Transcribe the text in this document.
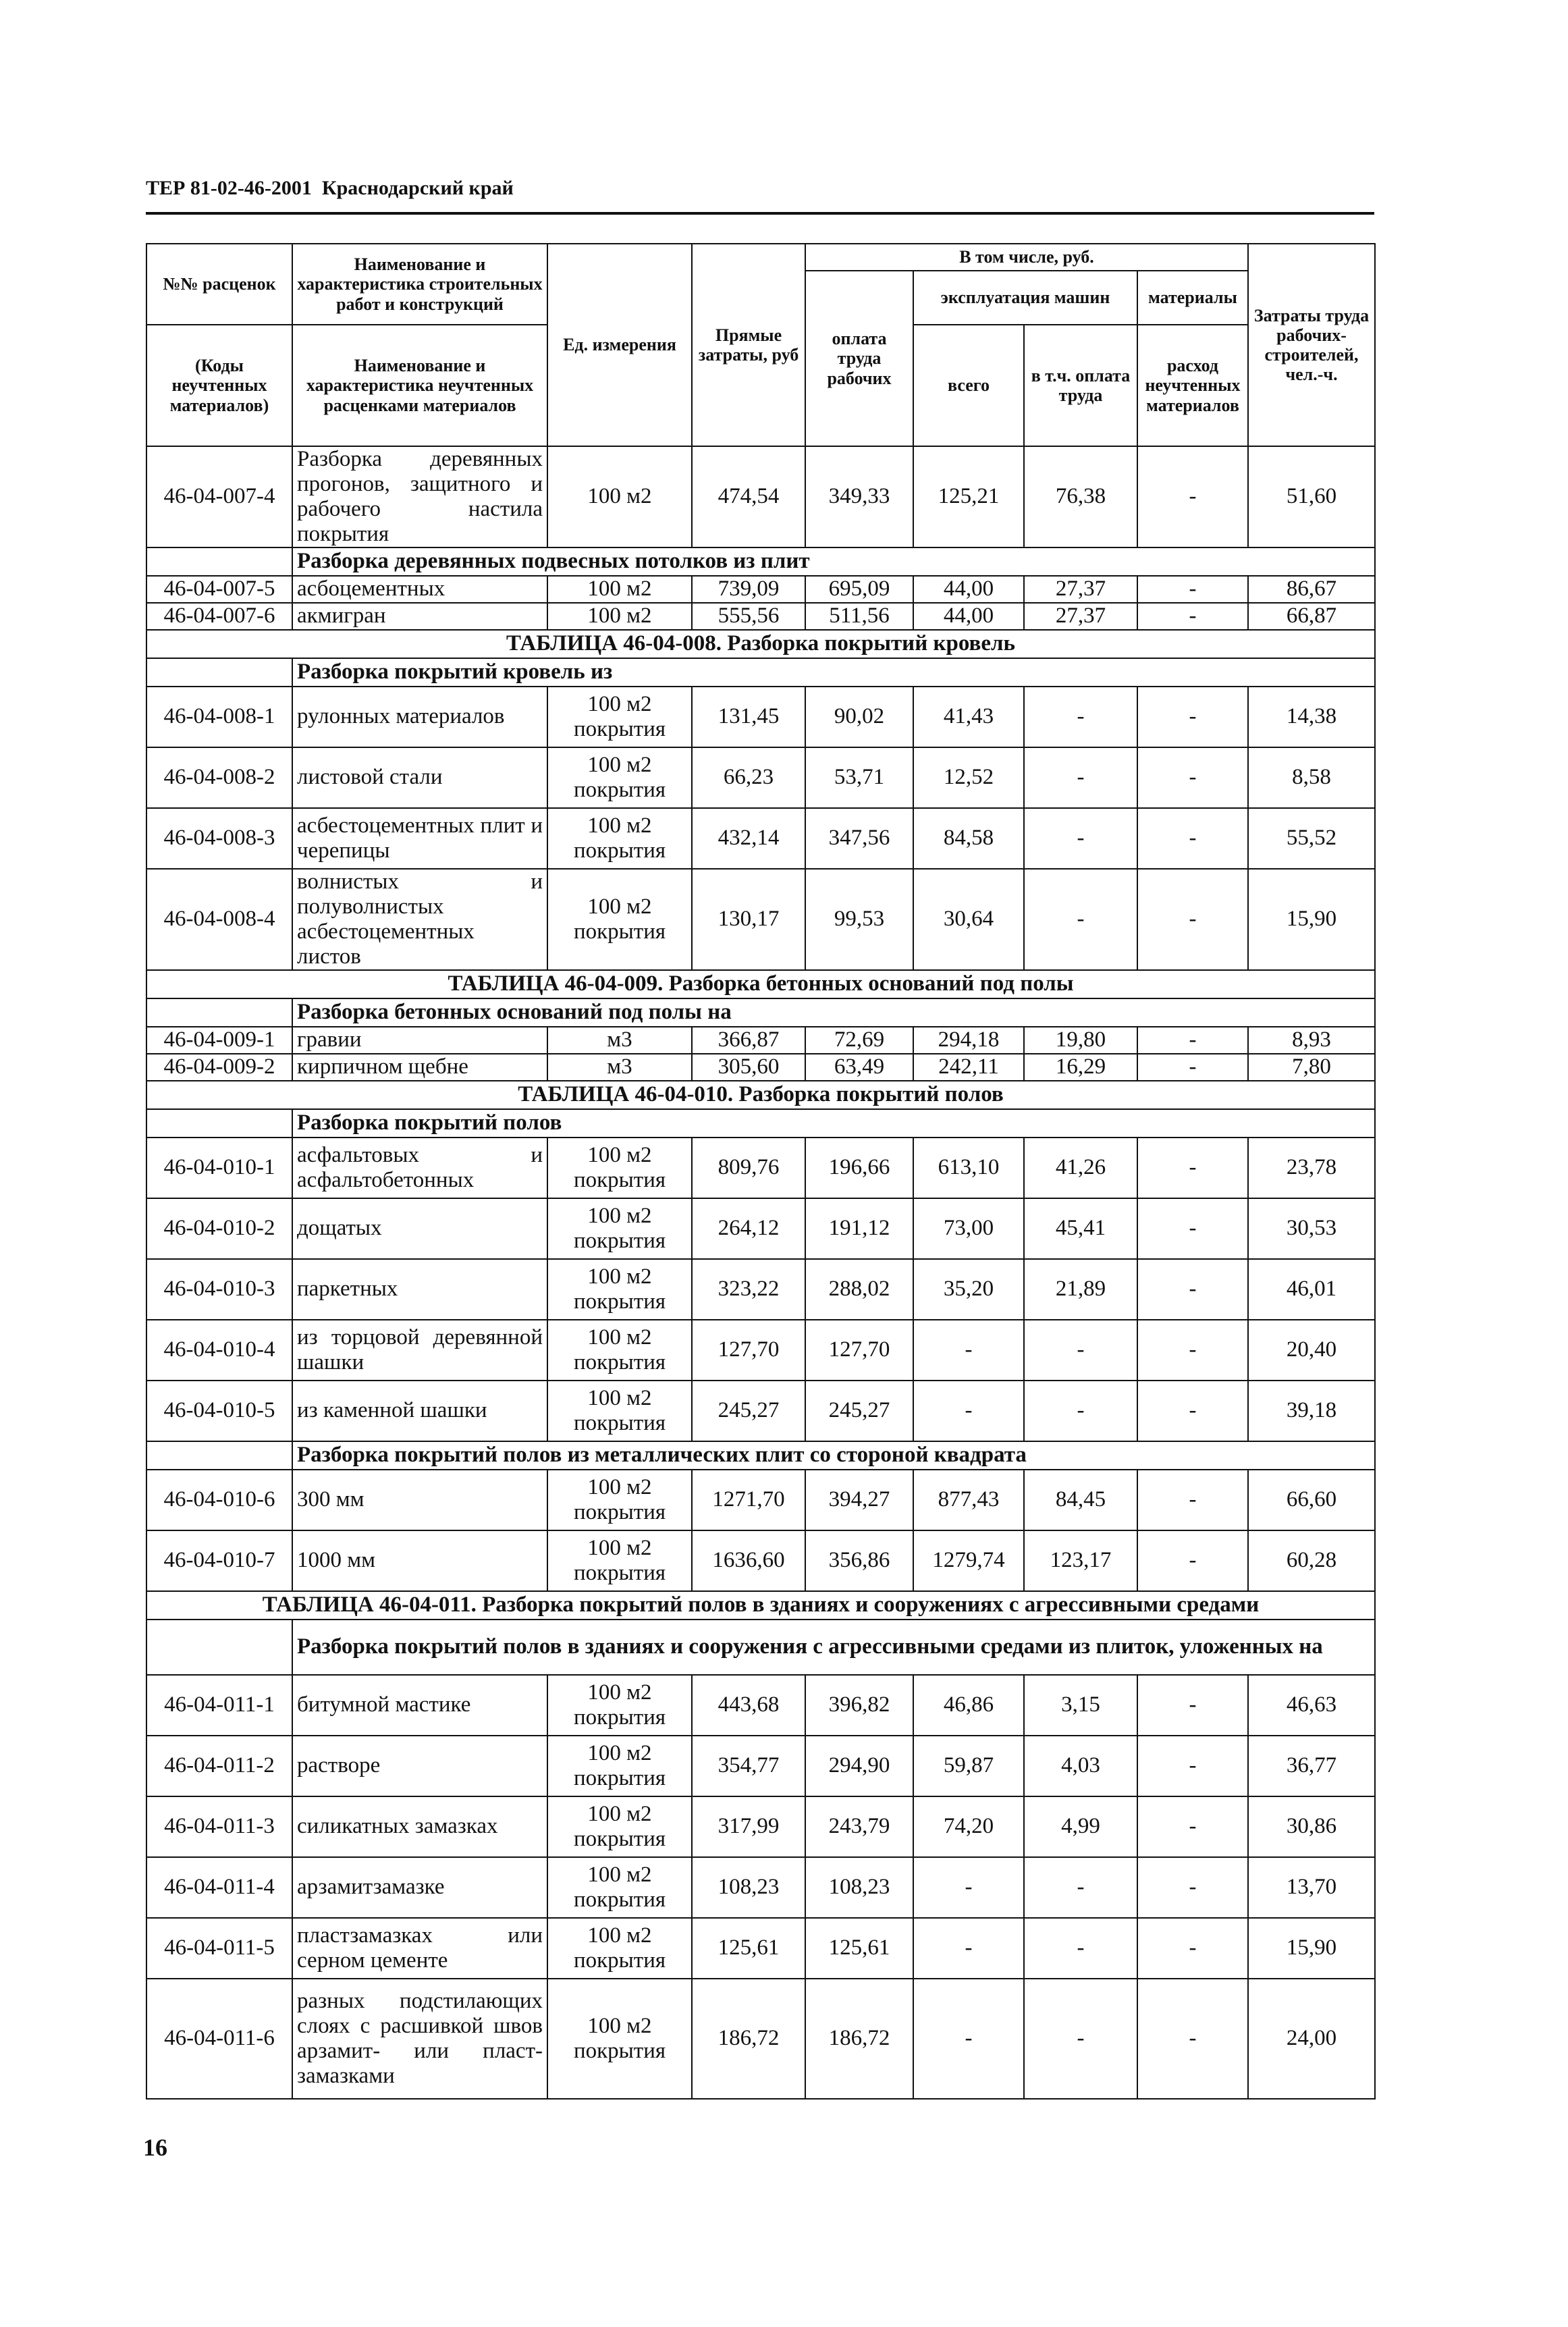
ТЕР 81-02-46-2001 Краснодарский край
№№ расценок	Наименование и характеристика строительных работ и конструкций	Ед. измерения	Прямые затраты, руб	В том числе, руб.				Затраты труда рабочих-строителей, чел.-ч.
				оплата труда рабочих	эксплуатация машин		материалы	
(Коды неучтенных материалов)	Наименование и характеристика неучтенных расценками материалов				всего	в т.ч. оплата труда	расход неучтенных материалов	

46-04-007-4	Разборка деревянных прогонов, защитного и рабочего настила покрытия	100 м2	474,54	349,33	125,21	76,38	-	51,60
	Разборка деревянных подвесных потолков из плит							
46-04-007-5	асбоцементных	100 м2	739,09	695,09	44,00	27,37	-	86,67
46-04-007-6	акмигран	100 м2	555,56	511,56	44,00	27,37	-	66,87
ТАБЛИЦА 46-04-008. Разборка покрытий кровель								
	Разборка покрытий кровель из							
46-04-008-1	рулонных материалов	100 м2 покрытия	131,45	90,02	41,43	-	-	14,38
46-04-008-2	листовой стали	100 м2 покрытия	66,23	53,71	12,52	-	-	8,58
46-04-008-3	асбестоцементных плит и черепицы	100 м2 покрытия	432,14	347,56	84,58	-	-	55,52
46-04-008-4	волнистых и полуволнистых асбестоцементных листов	100 м2 покрытия	130,17	99,53	30,64	-	-	15,90
ТАБЛИЦА 46-04-009. Разборка бетонных оснований под полы								
	Разборка бетонных оснований под полы на							
46-04-009-1	гравии	м3	366,87	72,69	294,18	19,80	-	8,93
46-04-009-2	кирпичном щебне	м3	305,60	63,49	242,11	16,29	-	7,80
ТАБЛИЦА 46-04-010. Разборка покрытий полов								
	Разборка покрытий полов							
46-04-010-1	асфальтовых и асфальтобетонных	100 м2 покрытия	809,76	196,66	613,10	41,26	-	23,78
46-04-010-2	дощатых	100 м2 покрытия	264,12	191,12	73,00	45,41	-	30,53
46-04-010-3	паркетных	100 м2 покрытия	323,22	288,02	35,20	21,89	-	46,01
46-04-010-4	из торцовой деревянной шашки	100 м2 покрытия	127,70	127,70	-	-	-	20,40
46-04-010-5	из каменной шашки	100 м2 покрытия	245,27	245,27	-	-	-	39,18
	Разборка покрытий полов из металлических плит со стороной квадрата							
46-04-010-6	300 мм	100 м2 покрытия	1271,70	394,27	877,43	84,45	-	66,60
46-04-010-7	1000 мм	100 м2 покрытия	1636,60	356,86	1279,74	123,17	-	60,28
ТАБЛИЦА 46-04-011. Разборка покрытий полов в зданиях и сооружениях с агрессивными средами								
	Разборка покрытий полов в зданиях и сооружения с агрессивными средами из плиток, уложенных на							
46-04-011-1	битумной мастике	100 м2 покрытия	443,68	396,82	46,86	3,15	-	46,63
46-04-011-2	растворе	100 м2 покрытия	354,77	294,90	59,87	4,03	-	36,77
46-04-011-3	силикатных замазках	100 м2 покрытия	317,99	243,79	74,20	4,99	-	30,86
46-04-011-4	арзамитзамазке	100 м2 покрытия	108,23	108,23	-	-	-	13,70
46-04-011-5	пластзамазках или серном цементе	100 м2 покрытия	125,61	125,61	-	-	-	15,90
46-04-011-6	разных подстилающих слоях с расшивкой швов арзамит- или пласт-замазками	100 м2 покрытия	186,72	186,72	-	-	-	24,00
16
